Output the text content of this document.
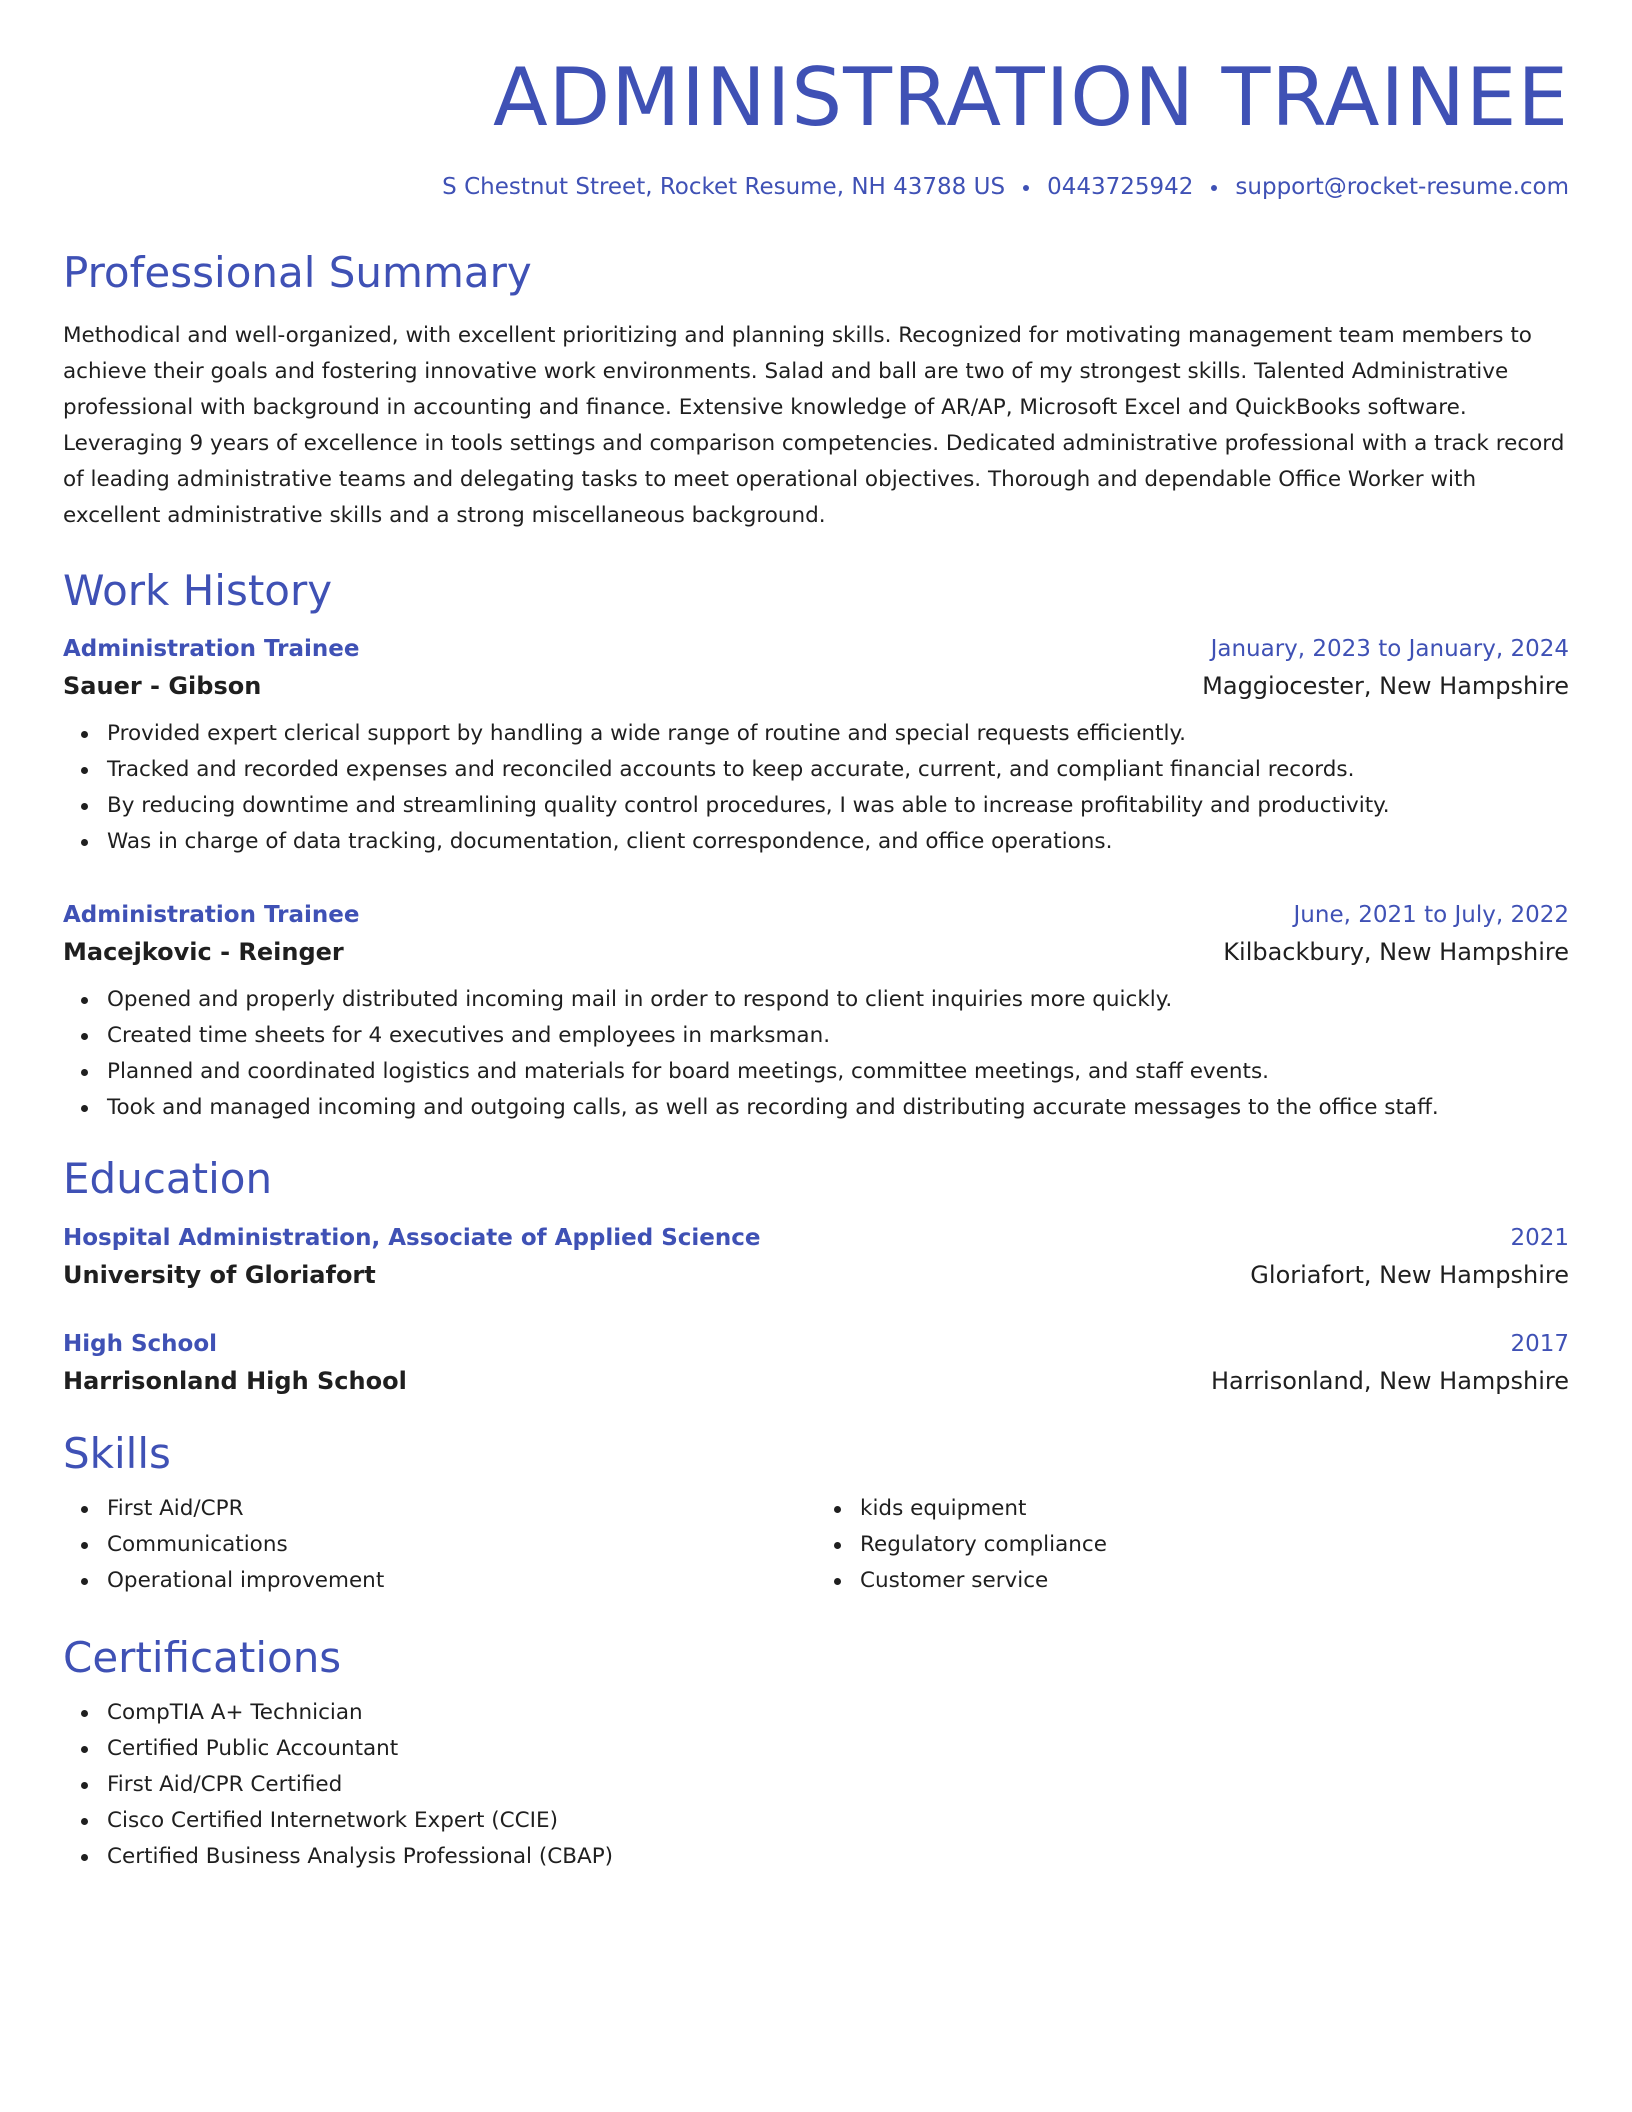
ADMINISTRATION TRAINEE
S Chestnut Street, Rocket Resume, NH 43788 US 0443725942 support@rocket-resume.com
Professional Summary
Methodical and well-organized, with excellent prioritizing and planning skills. Recognized for motivating management team members to achieve their goals and fostering innovative work environments. Salad and ball are two of my strongest skills. Talented Administrative professional with background in accounting and finance. Extensive knowledge of AR/AP, Microsoft Excel and QuickBooks software. Leveraging 9 years of excellence in tools settings and comparison competencies. Dedicated administrative professional with a track record of leading administrative teams and delegating tasks to meet operational objectives. Thorough and dependable Office Worker with excellent administrative skills and a strong miscellaneous background.
Work History
Administration Trainee	January, 2023 to January, 2024
Sauer - Gibson	Maggiocester, New Hampshire
Provided expert clerical support by handling a wide range of routine and special requests efficiently.
Tracked and recorded expenses and reconciled accounts to keep accurate, current, and compliant financial records.
By reducing downtime and streamlining quality control procedures, I was able to increase profitability and productivity.
Was in charge of data tracking, documentation, client correspondence, and office operations.
Administration Trainee	June, 2021 to July, 2022
Macejkovic - Reinger	Kilbackbury, New Hampshire
Opened and properly distributed incoming mail in order to respond to client inquiries more quickly.
Created time sheets for 4 executives and employees in marksman.
Planned and coordinated logistics and materials for board meetings, committee meetings, and staff events.
Took and managed incoming and outgoing calls, as well as recording and distributing accurate messages to the office staff.
Education
Hospital Administration, Associate of Applied Science	2021
University of Gloriafort	Gloriafort, New Hampshire
High School	2017
Harrisonland High School	Harrisonland, New Hampshire
Skills
First Aid/CPR
Communications
Operational improvement
kids equipment
Regulatory compliance
Customer service
Certifications
CompTIA A+ Technician
Certified Public Accountant
First Aid/CPR Certified
Cisco Certified Internetwork Expert (CCIE)
Certified Business Analysis Professional (CBAP)
